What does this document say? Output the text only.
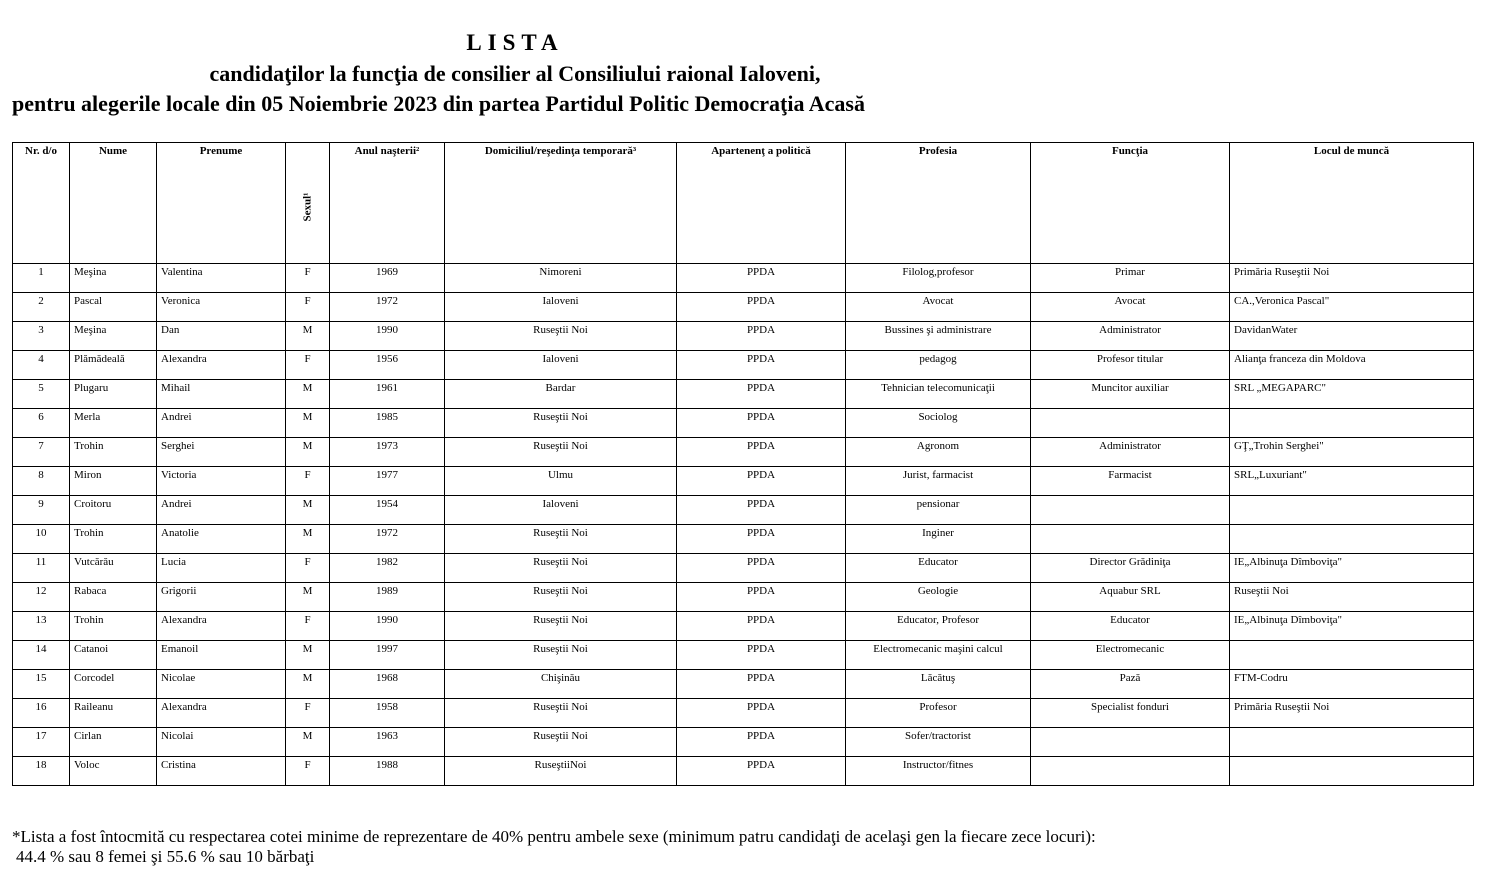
LISTA
candidaţilor la funcţia de consilier al Consiliului raional Ialoveni,
pentru alegerile locale din 05 Noiembrie 2023 din partea Partidul Politic Democraţia Acasă
Nr. d/o	Nume	Prenume	Sexul¹	Anul naşterii²	Domiciliul/reşedinţa temporară³	Apartenenţ a politică	Profesia	Funcţia	Locul de muncă
1	Meşina	Valentina	F	1969	Nimoreni	PPDA	Filolog,profesor	Primar	Primăria Ruseştii Noi
2	Pascal	Veronica	F	1972	Ialoveni	PPDA	Avocat	Avocat	CA.,Veronica Pascal"
3	Meşina	Dan	M	1990	Ruseştii Noi	PPDA	Bussines şi administrare	Administrator	DavidanWater
4	Plămădeală	Alexandra	F	1956	Ialoveni	PPDA	pedagog	Profesor titular	Alianţa franceza din Moldova
5	Plugaru	Mihail	M	1961	Bardar	PPDA	Tehnician telecomunicaţii	Muncitor auxiliar	SRL „MEGAPARC"
6	Merla	Andrei	M	1985	Ruseştii Noi	PPDA	Sociolog		
7	Trohin	Serghei	M	1973	Ruseştii Noi	PPDA	Agronom	Administrator	GŢ„Trohin Serghei"
8	Miron	Victoria	F	1977	Ulmu	PPDA	Jurist, farmacist	Farmacist	SRL„Luxuriant"
9	Croitoru	Andrei	M	1954	Ialoveni	PPDA	pensionar		
10	Trohin	Anatolie	M	1972	Ruseştii Noi	PPDA	Inginer		
11	Vutcărău	Lucia	F	1982	Ruseştii Noi	PPDA	Educator	Director Grădiniţa	IE„Albinuţa Dîmboviţa"
12	Rabaca	Grigorii	M	1989	Ruseştii Noi	PPDA	Geologie	Aquabur SRL	Ruseştii Noi
13	Trohin	Alexandra	F	1990	Ruseştii Noi	PPDA	Educator, Profesor	Educator	IE„Albinuţa Dîmboviţa"
14	Catanoi	Emanoil	M	1997	Ruseştii Noi	PPDA	Electromecanic maşini calcul	Electromecanic	
15	Corcodel	Nicolae	M	1968	Chişinău	PPDA	Lăcătuş	Pază	FTM-Codru
16	Raileanu	Alexandra	F	1958	Ruseştii Noi	PPDA	Profesor	Specialist fonduri	Primăria Ruseştii Noi
17	Cirlan	Nicolai	M	1963	Ruseştii Noi	PPDA	Sofer/tractorist		
18	Voloc	Cristina	F	1988	RuseştiiNoi	PPDA	Instructor/fitnes		
*Lista a fost întocmită cu respectarea cotei minime de reprezentare de 40% pentru ambele sexe (minimum patru candidaţi de acelaşi gen la fiecare zece locuri):
44.4 % sau 8 femei şi 55.6 % sau 10 bărbaţi
